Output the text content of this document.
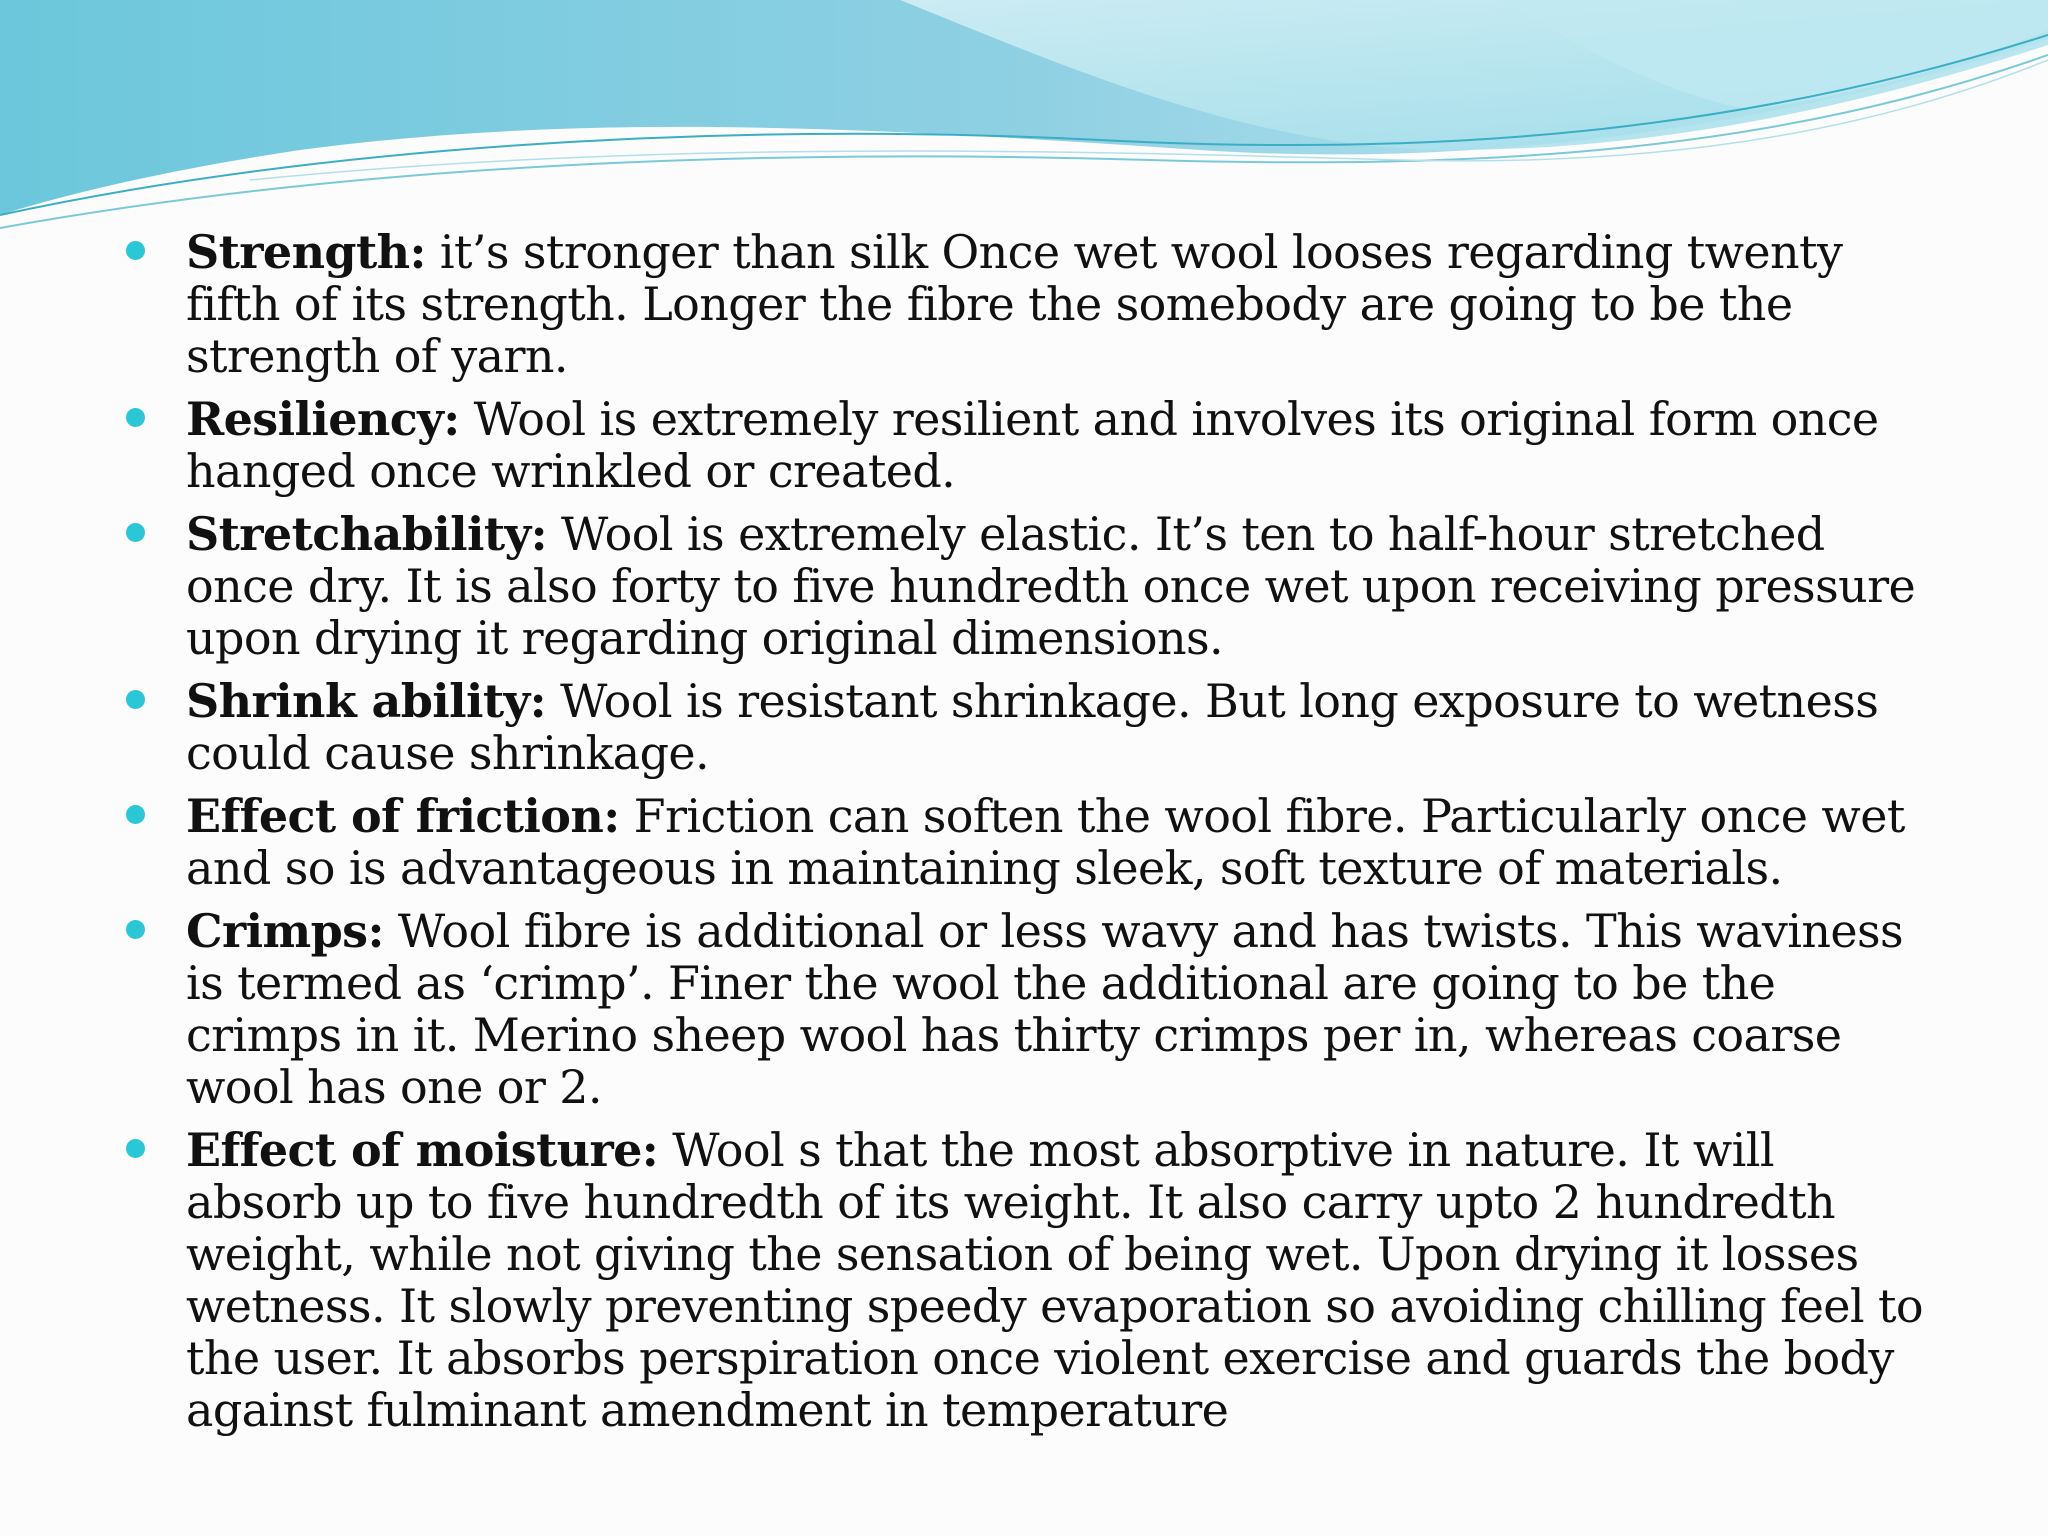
Strength: it’s stronger than silk Once wet wool looses regarding twenty fifth of its strength. Longer the fibre the somebody are going to be the strength of yarn.
Resiliency: Wool is extremely resilient and involves its original form once hanged once wrinkled or created.
Stretchability: Wool is extremely elastic. It’s ten to half-hour stretched once dry. It is also forty to five hundredth once wet upon receiving pressure upon drying it regarding original dimensions.
Shrink ability: Wool is resistant shrinkage. But long exposure to wetness could cause shrinkage.
Effect of friction: Friction can soften the wool fibre. Particularly once wet and so is advantageous in maintaining sleek, soft texture of materials.
Crimps: Wool fibre is additional or less wavy and has twists. This waviness is termed as ‘crimp’. Finer the wool the additional are going to be the crimps in it. Merino sheep wool has thirty crimps per in, whereas coarse wool has one or 2.
Effect of moisture: Wool s that the most absorptive in nature. It will absorb up to five hundredth of its weight. It also carry upto 2 hundredth weight, while not giving the sensation of being wet. Upon drying it losses wetness. It slowly preventing speedy evaporation so avoiding chilling feel to the user. It absorbs perspiration once violent exercise and guards the body against fulminant amendment in temperature
